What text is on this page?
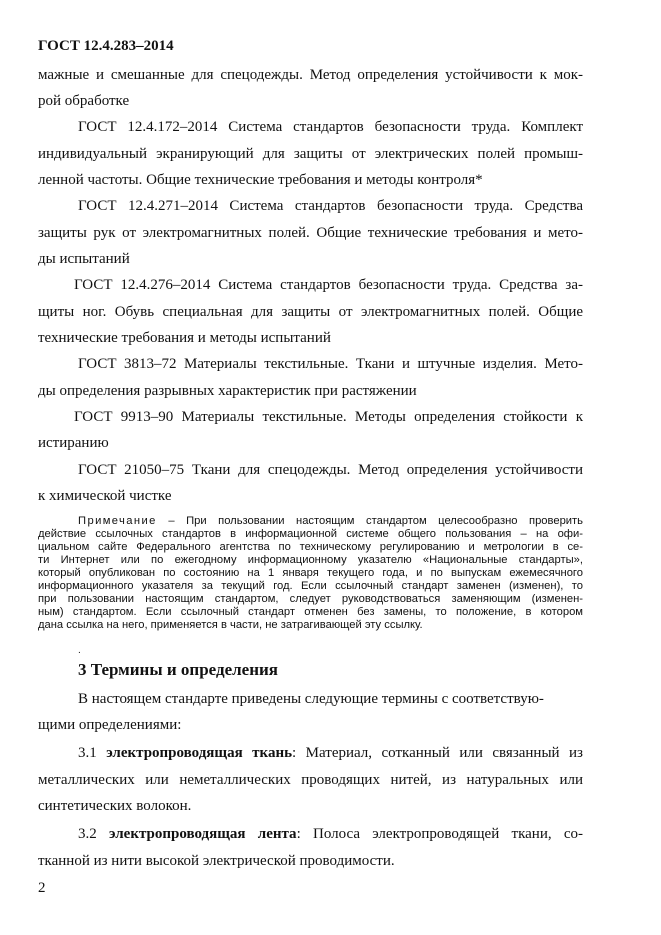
ГОСТ 12.4.283–2014
мажные и смешанные для спецодежды. Метод определения устойчивости к мок-
рой обработке
ГОСТ 12.4.172–2014 Система стандартов безопасности труда. Комплект
индивидуальный экранирующий для защиты от электрических полей промыш-
ленной частоты. Общие технические требования и методы контроля*
ГОСТ 12.4.271–2014 Система стандартов безопасности труда. Средства
защиты рук от электромагнитных полей. Общие технические требования и мето-
ды испытаний
ГОСТ 12.4.276–2014 Система стандартов безопасности труда. Средства за-
щиты ног. Обувь специальная для защиты от электромагнитных полей. Общие
технические требования и методы испытаний
ГОСТ 3813–72 Материалы текстильные. Ткани и штучные изделия. Мето-
ды определения разрывных характеристик при растяжении
ГОСТ 9913–90 Материалы текстильные. Методы определения стойкости к
истиранию
ГОСТ 21050–75 Ткани для спецодежды. Метод определения устойчивости
к химической чистке
Примечание – При пользовании настоящим стандартом целесообразно проверить
действие ссылочных стандартов в информационной системе общего пользования – на офи-
циальном сайте Федерального агентства по техническому регулированию и метрологии в се-
ти Интернет или по ежегодному информационному указателю «Национальные стандарты»,
который опубликован по состоянию на 1 января текущего года, и по выпускам ежемесячного
информационного указателя за текущий год. Если ссылочный стандарт заменен (изменен), то
при пользовании настоящим стандартом, следует руководствоваться заменяющим (изменен-
ным) стандартом. Если ссылочный стандарт отменен без замены, то положение, в котором
дана ссылка на него, применяется в части, не затрагивающей эту ссылку.
.
3 Термины и определения
В настоящем стандарте приведены следующие термины с соответствую-
щими определениями:
3.1 электропроводящая ткань: Материал, сотканный или связанный из
металлических или неметаллических проводящих нитей, из натуральных или
синтетических волокон.
3.2 электропроводящая лента: Полоса электропроводящей ткани, со-
тканной из нити высокой электрической проводимости.
2
